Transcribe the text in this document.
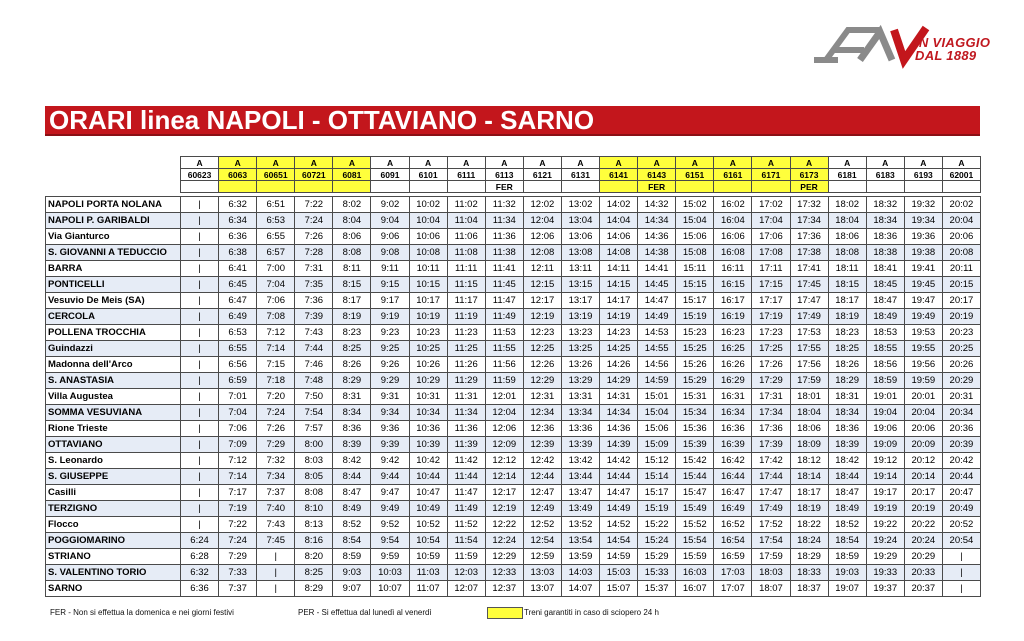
IN VIAGGIO
DAL 1889
ORARI linea NAPOLI - OTTAVIANO - SARNO
	A	A	A	A	A	A	A	A	A	A	A	A	A	A	A	A	A	A	A	A	A
	60623	6063	60651	60721	6081	6091	6101	6111	6113	6121	6131	6141	6143	6151	6161	6171	6173	6181	6183	6193	62001
									FER				FER				PER				

NAPOLI PORTA NOLANA	|	6:32	6:51	7:22	8:02	9:02	10:02	11:02	11:32	12:02	13:02	14:02	14:32	15:02	16:02	17:02	17:32	18:02	18:32	19:32	20:02
NAPOLI P. GARIBALDI	|	6:34	6:53	7:24	8:04	9:04	10:04	11:04	11:34	12:04	13:04	14:04	14:34	15:04	16:04	17:04	17:34	18:04	18:34	19:34	20:04
Via Gianturco	|	6:36	6:55	7:26	8:06	9:06	10:06	11:06	11:36	12:06	13:06	14:06	14:36	15:06	16:06	17:06	17:36	18:06	18:36	19:36	20:06
S. GIOVANNI A TEDUCCIO	|	6:38	6:57	7:28	8:08	9:08	10:08	11:08	11:38	12:08	13:08	14:08	14:38	15:08	16:08	17:08	17:38	18:08	18:38	19:38	20:08
BARRA	|	6:41	7:00	7:31	8:11	9:11	10:11	11:11	11:41	12:11	13:11	14:11	14:41	15:11	16:11	17:11	17:41	18:11	18:41	19:41	20:11
PONTICELLI	|	6:45	7:04	7:35	8:15	9:15	10:15	11:15	11:45	12:15	13:15	14:15	14:45	15:15	16:15	17:15	17:45	18:15	18:45	19:45	20:15
Vesuvio De Meis (SA)	|	6:47	7:06	7:36	8:17	9:17	10:17	11:17	11:47	12:17	13:17	14:17	14:47	15:17	16:17	17:17	17:47	18:17	18:47	19:47	20:17
CERCOLA	|	6:49	7:08	7:39	8:19	9:19	10:19	11:19	11:49	12:19	13:19	14:19	14:49	15:19	16:19	17:19	17:49	18:19	18:49	19:49	20:19
POLLENA TROCCHIA	|	6:53	7:12	7:43	8:23	9:23	10:23	11:23	11:53	12:23	13:23	14:23	14:53	15:23	16:23	17:23	17:53	18:23	18:53	19:53	20:23
Guindazzi	|	6:55	7:14	7:44	8:25	9:25	10:25	11:25	11:55	12:25	13:25	14:25	14:55	15:25	16:25	17:25	17:55	18:25	18:55	19:55	20:25
Madonna dell'Arco	|	6:56	7:15	7:46	8:26	9:26	10:26	11:26	11:56	12:26	13:26	14:26	14:56	15:26	16:26	17:26	17:56	18:26	18:56	19:56	20:26
S. ANASTASIA	|	6:59	7:18	7:48	8:29	9:29	10:29	11:29	11:59	12:29	13:29	14:29	14:59	15:29	16:29	17:29	17:59	18:29	18:59	19:59	20:29
Villa Augustea	|	7:01	7:20	7:50	8:31	9:31	10:31	11:31	12:01	12:31	13:31	14:31	15:01	15:31	16:31	17:31	18:01	18:31	19:01	20:01	20:31
SOMMA VESUVIANA	|	7:04	7:24	7:54	8:34	9:34	10:34	11:34	12:04	12:34	13:34	14:34	15:04	15:34	16:34	17:34	18:04	18:34	19:04	20:04	20:34
Rione Trieste	|	7:06	7:26	7:57	8:36	9:36	10:36	11:36	12:06	12:36	13:36	14:36	15:06	15:36	16:36	17:36	18:06	18:36	19:06	20:06	20:36
OTTAVIANO	|	7:09	7:29	8:00	8:39	9:39	10:39	11:39	12:09	12:39	13:39	14:39	15:09	15:39	16:39	17:39	18:09	18:39	19:09	20:09	20:39
S. Leonardo	|	7:12	7:32	8:03	8:42	9:42	10:42	11:42	12:12	12:42	13:42	14:42	15:12	15:42	16:42	17:42	18:12	18:42	19:12	20:12	20:42
S. GIUSEPPE	|	7:14	7:34	8:05	8:44	9:44	10:44	11:44	12:14	12:44	13:44	14:44	15:14	15:44	16:44	17:44	18:14	18:44	19:14	20:14	20:44
Casilli	|	7:17	7:37	8:08	8:47	9:47	10:47	11:47	12:17	12:47	13:47	14:47	15:17	15:47	16:47	17:47	18:17	18:47	19:17	20:17	20:47
TERZIGNO	|	7:19	7:40	8:10	8:49	9:49	10:49	11:49	12:19	12:49	13:49	14:49	15:19	15:49	16:49	17:49	18:19	18:49	19:19	20:19	20:49
Flocco	|	7:22	7:43	8:13	8:52	9:52	10:52	11:52	12:22	12:52	13:52	14:52	15:22	15:52	16:52	17:52	18:22	18:52	19:22	20:22	20:52
POGGIOMARINO	6:24	7:24	7:45	8:16	8:54	9:54	10:54	11:54	12:24	12:54	13:54	14:54	15:24	15:54	16:54	17:54	18:24	18:54	19:24	20:24	20:54
STRIANO	6:28	7:29	|	8:20	8:59	9:59	10:59	11:59	12:29	12:59	13:59	14:59	15:29	15:59	16:59	17:59	18:29	18:59	19:29	20:29	|
S. VALENTINO TORIO	6:32	7:33	|	8:25	9:03	10:03	11:03	12:03	12:33	13:03	14:03	15:03	15:33	16:03	17:03	18:03	18:33	19:03	19:33	20:33	|
SARNO	6:36	7:37	|	8:29	9:07	10:07	11:07	12:07	12:37	13:07	14:07	15:07	15:37	16:07	17:07	18:07	18:37	19:07	19:37	20:37	|
FER - Non si effettua la domenica e nei giorni festivi	PER - Si effettua dal lunedì al venerdì	Treni garantiti in caso di sciopero 24 h
